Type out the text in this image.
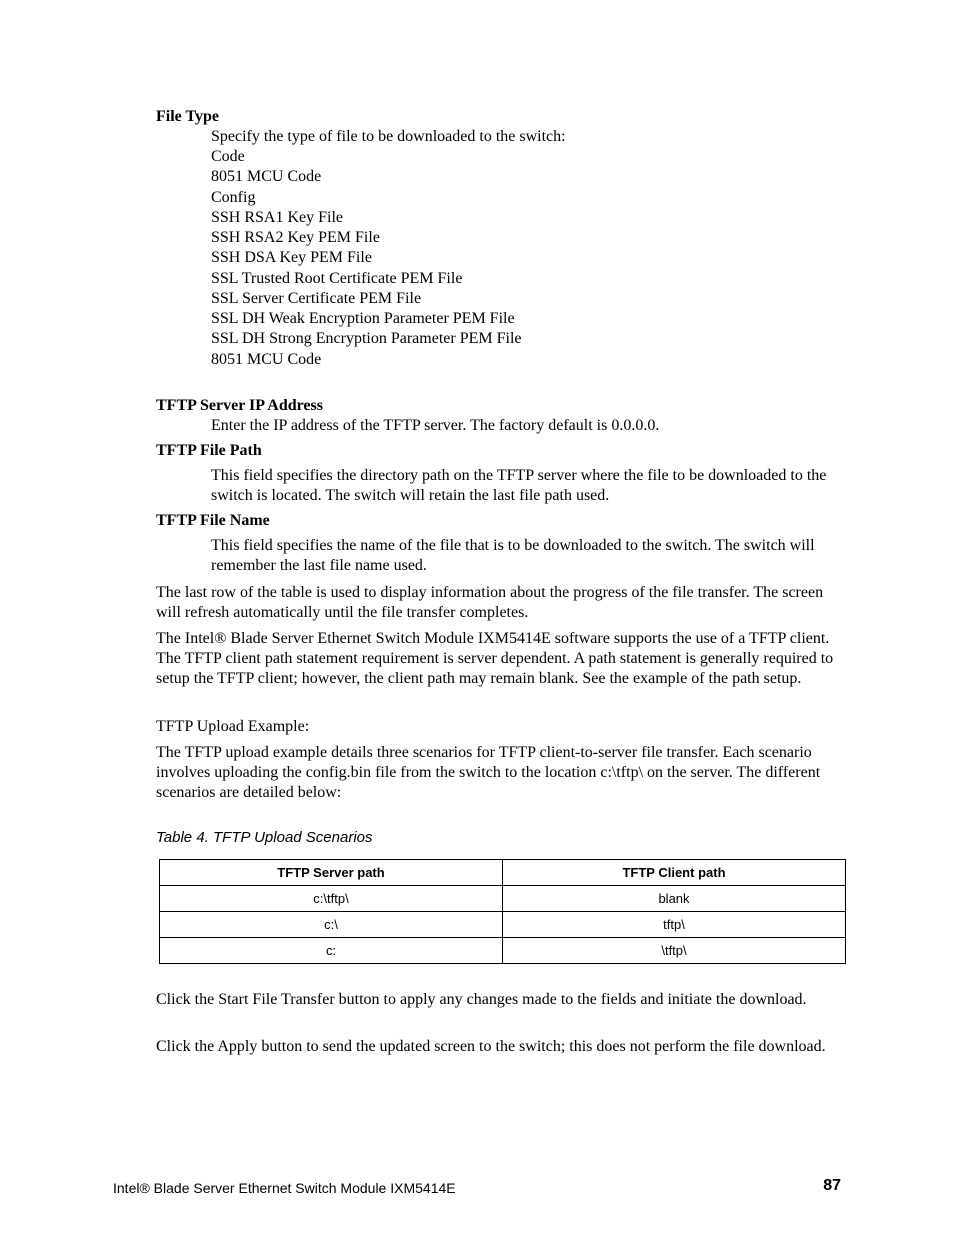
File Type

Specify the type of file to be downloaded to the switch:

Code
8051 MCU Code
Config
SSH RSA1 Key File
SSH RSA2 Key PEM File
SSH DSA Key PEM File
SSL Trusted Root Certificate PEM File
SSL Server Certificate PEM File
SSL DH Weak Encryption Parameter PEM File
SSL DH Strong Encryption Parameter PEM File
8051 MCU Code

TFTP Server IP Address

Enter the IP address of the TFTP server. The factory default is 0.0.0.0.

TFTP File Path

This field specifies the directory path on the TFTP server where the file to be downloaded to the switch is located. The switch will retain the last file path used.

TFTP File Name

This field specifies the name of the file that is to be downloaded to the switch. The switch will remember the last file name used.

The last row of the table is used to display information about the progress of the file transfer. The screen will refresh automatically until the file transfer completes.

The Intel® Blade Server Ethernet Switch Module IXM5414E software supports the use of a TFTP client. The TFTP client path statement requirement is server dependent. A path statement is generally required to setup the TFTP client; however, the client path may remain blank. See the example of the path setup.

TFTP Upload Example:

The TFTP upload example details three scenarios for TFTP client-to-server file transfer. Each scenario involves uploading the config.bin file from the switch to the location c:\tftp\ on the server. The different scenarios are detailed below:

Table 4. TFTP Upload Scenarios

TFTP Server path	TFTP Client path
c:\tftp\	blank
c:\	tftp\
c:	\tftp\

Click the Start File Transfer button to apply any changes made to the fields and initiate the download.

Click the Apply button to send the updated screen to the switch; this does not perform the file download.

Intel® Blade Server Ethernet Switch Module IXM5414E	87
